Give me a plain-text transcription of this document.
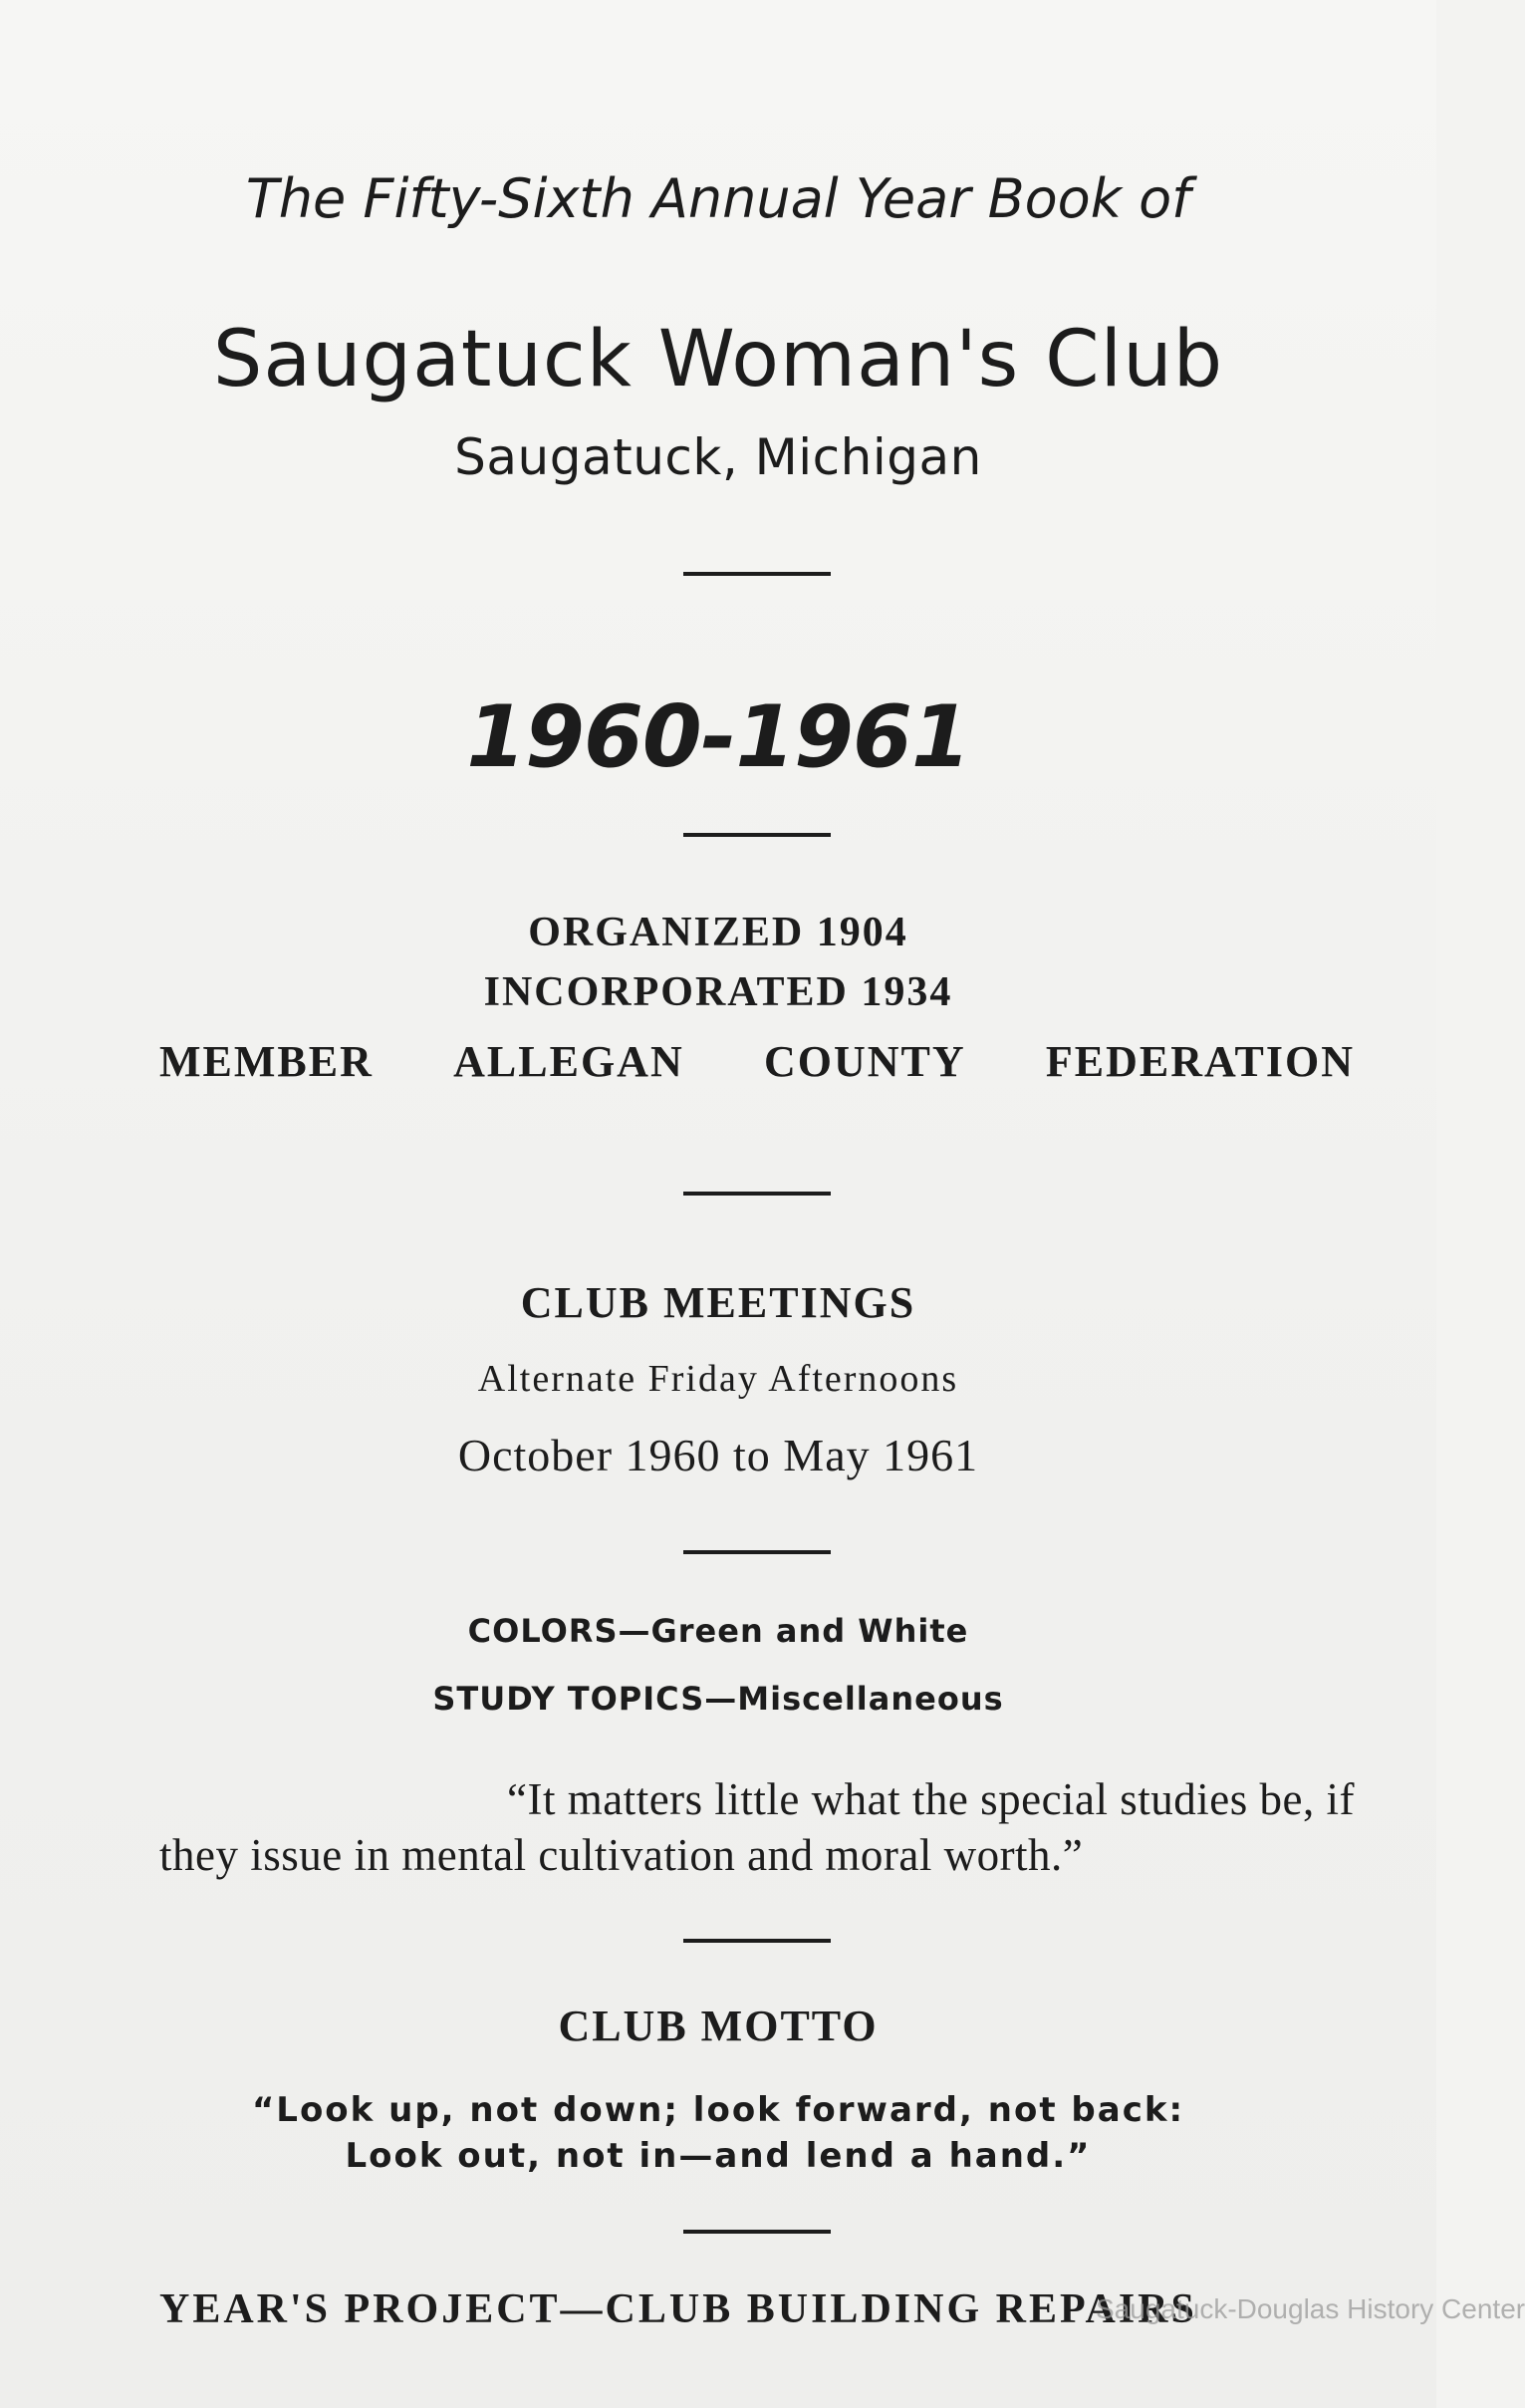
The Fifty-Sixth Annual Year Book of
Saugatuck Woman's Club
Saugatuck, Michigan
1960-1961
ORGANIZED 1904
INCORPORATED 1934
MEMBER ALLEGAN COUNTY FEDERATION
CLUB MEETINGS
Alternate Friday Afternoons
October 1960 to May 1961
COLORS—Green and White
STUDY TOPICS—Miscellaneous
“It matters little what the special studies be, if
they issue in mental cultivation and moral worth.”
CLUB MOTTO
“Look up, not down; look forward, not back:
Look out, not in—and lend a hand.”
YEAR'S PROJECT—CLUB BUILDING REPAIRS
Saugatuck-Douglas History Center
